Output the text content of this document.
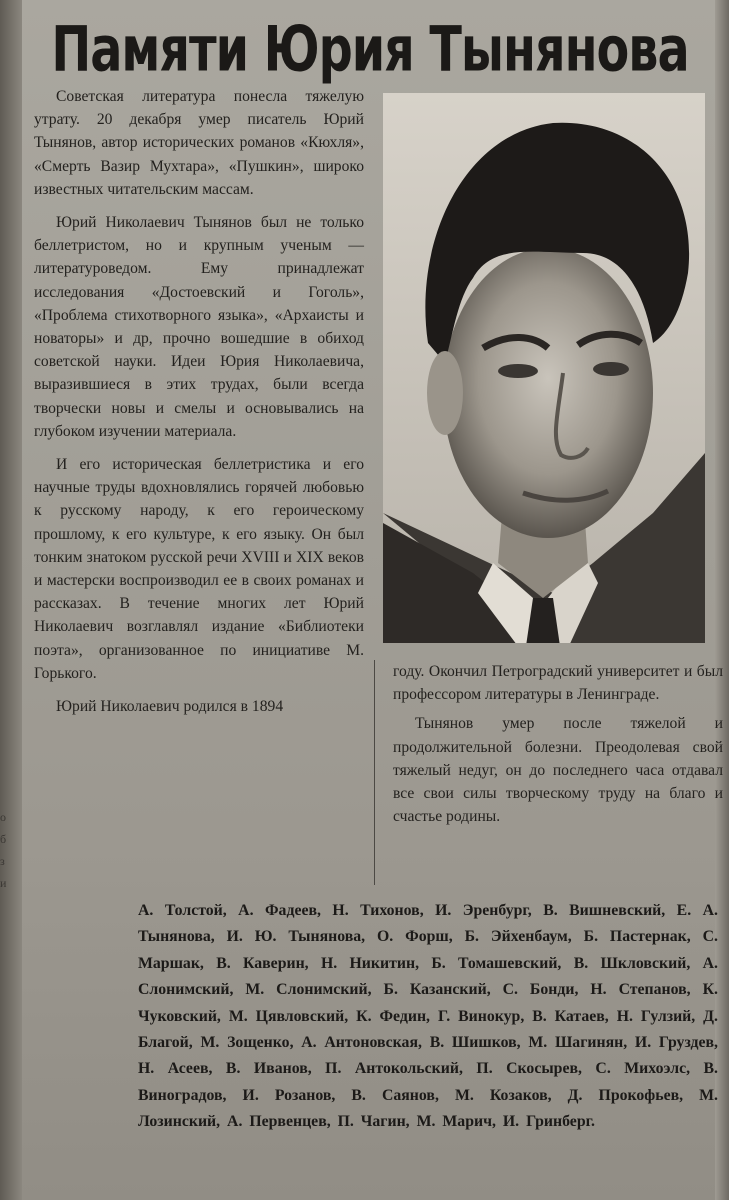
Памяти Юрия Тынянова

Советская литература понесла тяжелую утрату. 20 декабря умер писатель Юрий Тынянов, автор исторических романов «Кюхля», «Смерть Вазир Мухтара», «Пушкин», широко известных читательским массам.

Юрий Николаевич Тынянов был не только беллетристом, но и крупным ученым — литературоведом. Ему принадлежат исследования «Достоевский и Гоголь», «Проблема стихотворного языка», «Архаисты и новаторы» и др, прочно вошедшие в обиход советской науки. Идеи Юрия Николаевича, выразившиеся в этих трудах, были всегда творчески новы и смелы и основывались на глубоком изучении материала.

И его историческая беллетристика и его научные труды вдохновлялись горячей любовью к русскому народу, к его героическому прошлому, к его культуре, к его языку. Он был тонким знатоком русской речи XVIII и XIX веков и мастерски воспроизводил ее в своих романах и рассказах. В течение многих лет Юрий Николаевич возглавлял издание «Библиотеки поэта», организованное по инициативе М. Горького.

Юрий Николаевич родился в 1894

году. Окончил Петроградский университет и был профессором литературы в Ленинграде.

Тынянов умер после тяжелой и продолжительной болезни. Преодолевая свой тяжелый недуг, он до последнего часа отдавал все свои силы творческому труду на благо и счастье родины.

А. Толстой, А. Фадеев, Н. Тихонов, И. Эренбург, В. Вишневский, Е. А. Тынянова, И. Ю. Тынянова, О. Форш, Б. Эйхенбаум, Б. Пастернак, С. Маршак, В. Каверин, Н. Никитин, Б. Томашевский, В. Шкловский, А. Слонимский, М. Слонимский, Б. Казанский, С. Бонди, Н. Степанов, К. Чуковский, М. Цявловский, К. Федин, Г. Винокур, В. Катаев, Н. Гулзий, Д. Благой, М. Зощенко, А. Антоновская, В. Шишков, М. Шагинян, И. Груздев, Н. Асеев, В. Иванов, П. Антокольский, П. Скосырев, С. Михоэлс, В. Виноградов, И. Розанов, В. Саянов, М. Козаков, Д. Прокофьев, М. Лозинский, А. Первенцев, П. Чагин, М. Марич, И. Гринберг.
о
б
з
и
